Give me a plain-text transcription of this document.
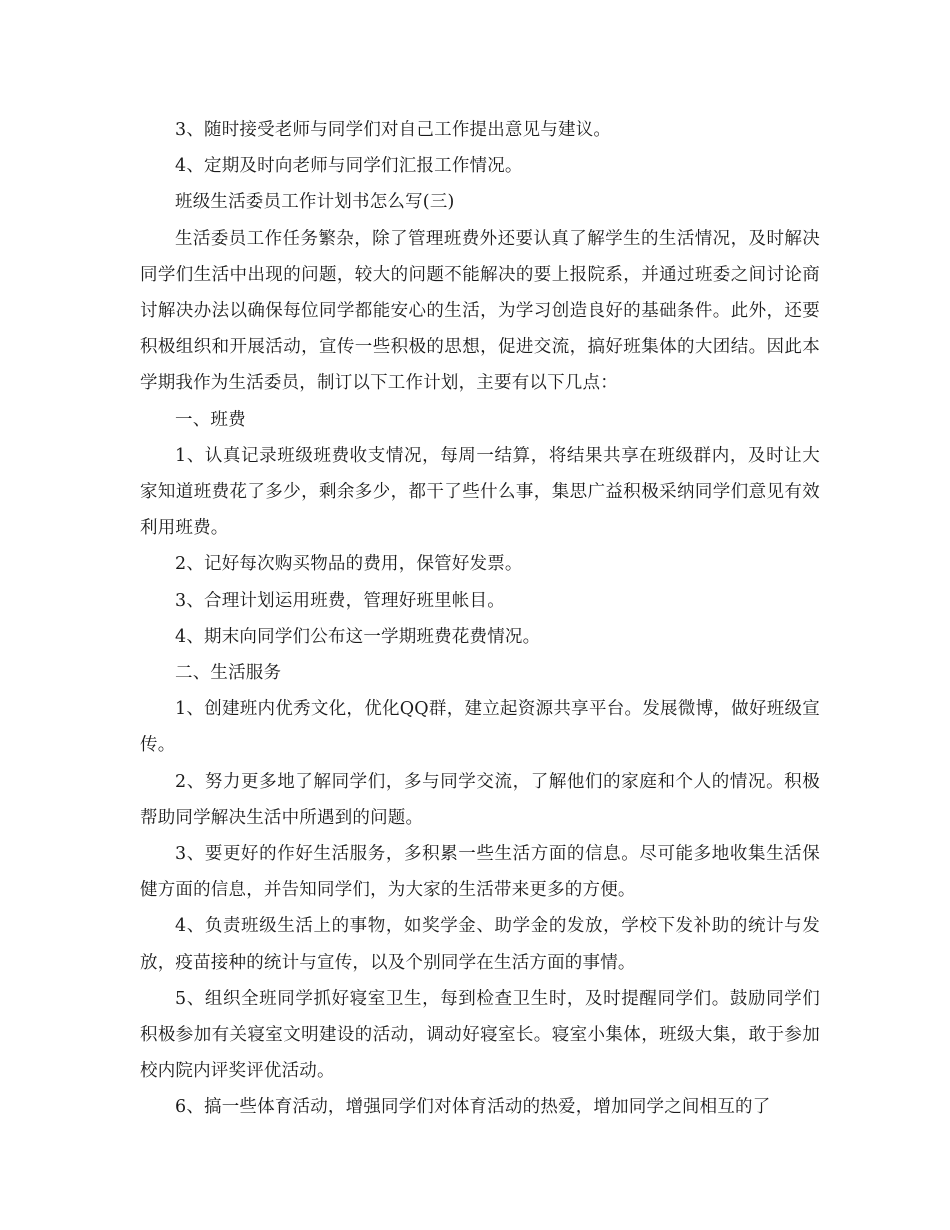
3、随时接受老师与同学们对自己工作提出意见与建议。

4、定期及时向老师与同学们汇报工作情况。

班级生活委员工作计划书怎么写(三)

生活委员工作任务繁杂，除了管理班费外还要认真了解学生的生活情况，及时解决同学们生活中出现的问题，较大的问题不能解决的要上报院系，并通过班委之间讨论商讨解决办法以确保每位同学都能安心的生活，为学习创造良好的基础条件。此外，还要积极组织和开展活动，宣传一些积极的思想，促进交流，搞好班集体的大团结。因此本学期我作为生活委员，制订以下工作计划，主要有以下几点：

一、班费

1、认真记录班级班费收支情况，每周一结算，将结果共享在班级群内，及时让大家知道班费花了多少，剩余多少，都干了些什么事，集思广益积极采纳同学们意见有效利用班费。

2、记好每次购买物品的费用，保管好发票。

3、合理计划运用班费，管理好班里帐目。

4、期末向同学们公布这一学期班费花费情况。

二、生活服务

1、创建班内优秀文化，优化QQ群，建立起资源共享平台。发展微博，做好班级宣传。

2、努力更多地了解同学们，多与同学交流，了解他们的家庭和个人的情况。积极帮助同学解决生活中所遇到的问题。

3、要更好的作好生活服务，多积累一些生活方面的信息。尽可能多地收集生活保健方面的信息，并告知同学们，为大家的生活带来更多的方便。

4、负责班级生活上的事物，如奖学金、助学金的发放，学校下发补助的统计与发放，疫苗接种的统计与宣传，以及个别同学在生活方面的事情。

5、组织全班同学抓好寝室卫生，每到检查卫生时，及时提醒同学们。鼓励同学们积极参加有关寝室文明建设的活动，调动好寝室长。寝室小集体，班级大集，敢于参加校内院内评奖评优活动。

6、搞一些体育活动，增强同学们对体育活动的热爱，增加同学之间相互的了
